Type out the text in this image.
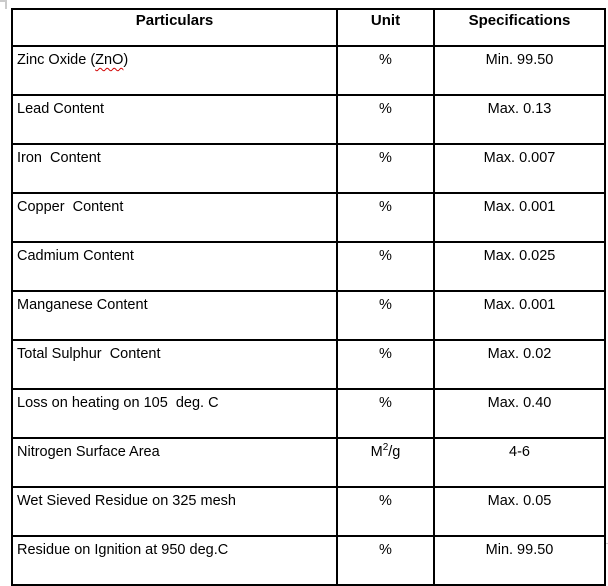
Particulars	Unit	Specifications
Zinc Oxide (ZnO)	%	Min. 99.50
Lead Content	%	Max. 0.13
Iron  Content	%	Max. 0.007
Copper  Content	%	Max. 0.001
Cadmium Content	%	Max. 0.025
Manganese Content	%	Max. 0.001
Total Sulphur  Content	%	Max. 0.02
Loss on heating on 105  deg. C	%	Max. 0.40
Nitrogen Surface Area	$M^2/g$	4-6
Wet Sieved Residue on 325 mesh	%	Max. 0.05
Residue on Ignition at 950 deg.C	%	Min. 99.50
